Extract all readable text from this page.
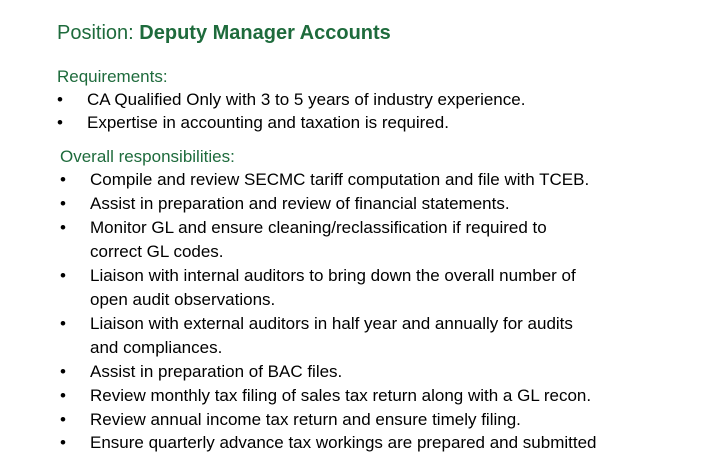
Position: Deputy Manager Accounts
Requirements:
• CA Qualified Only with 3 to 5 years of industry experience.
• Expertise in accounting and taxation is required.
Overall responsibilities:
• Compile and review SECMC tariff computation and file with TCEB.
• Assist in preparation and review of financial statements.
• Monitor GL and ensure cleaning/reclassification if required to
correct GL codes.
• Liaison with internal auditors to bring down the overall number of
open audit observations.
• Liaison with external auditors in half year and annually for audits
and compliances.
• Assist in preparation of BAC files.
• Review monthly tax filing of sales tax return along with a GL recon.
• Review annual income tax return and ensure timely filing.
• Ensure quarterly advance tax workings are prepared and submitted
